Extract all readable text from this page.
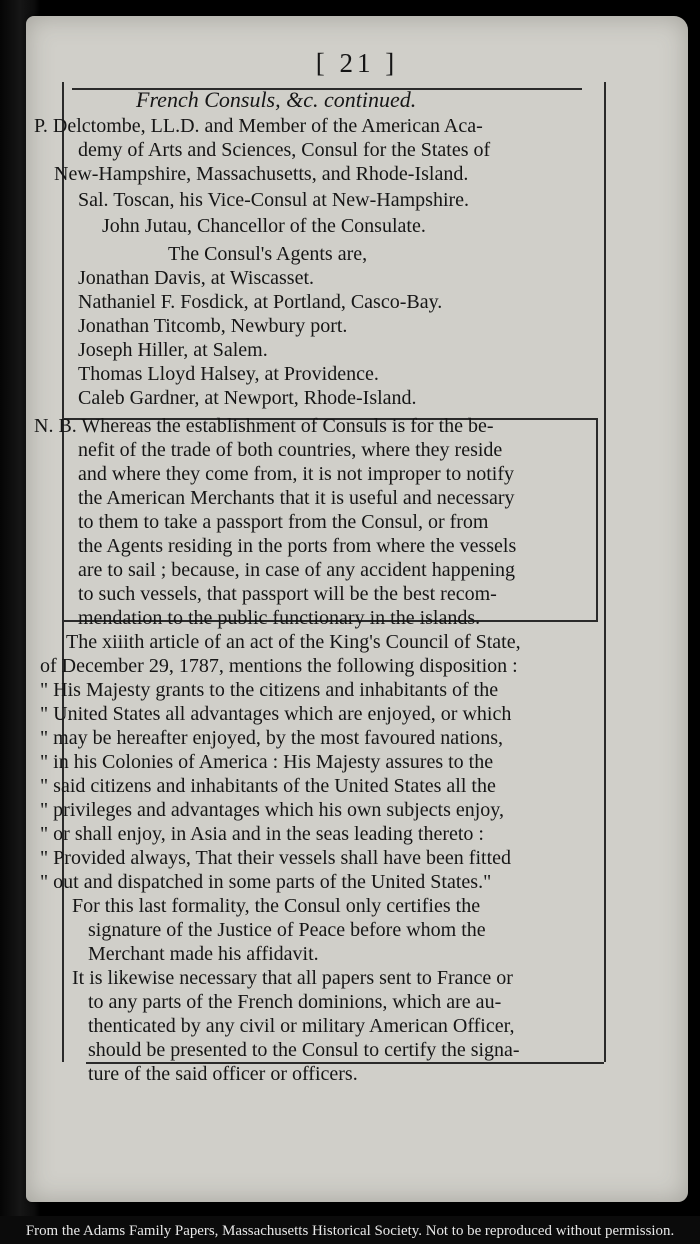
[ 21 ]
French Consuls, &c. continued.
P. Delctombe, LL.D. and Member of the American Aca-
demy of Arts and Sciences, Consul for the States of
New-Hampshire, Massachusetts, and Rhode-Island.
Sal. Toscan, his Vice-Consul at New-Hampshire.
John Jutau, Chancellor of the Consulate.
The Consul's Agents are,
Jonathan Davis, at Wiscasset.
Nathaniel F. Fosdick, at Portland, Casco-Bay.
Jonathan Titcomb, Newbury port.
Joseph Hiller, at Salem.
Thomas Lloyd Halsey, at Providence.
Caleb Gardner, at Newport, Rhode-Island.
N. B. Whereas the establishment of Consuls is for the be-
nefit of the trade of both countries, where they reside
and where they come from, it is not improper to notify
the American Merchants that it is useful and necessary
to them to take a passport from the Consul, or from
the Agents residing in the ports from where the vessels
are to sail ; because, in case of any accident happening
to such vessels, that passport will be the best recom-
mendation to the public functionary in the islands.
The xiiith article of an act of the King's Council of State,
of December 29, 1787, mentions the following disposition :
" His Majesty grants to the citizens and inhabitants of the
" United States all advantages which are enjoyed, or which
" may be hereafter enjoyed, by the most favoured nations,
" in his Colonies of America : His Majesty assures to the
" said citizens and inhabitants of the United States all the
" privileges and advantages which his own subjects enjoy,
" or shall enjoy, in Asia and in the seas leading thereto :
" Provided always, That their vessels shall have been fitted
" out and dispatched in some parts of the United States."
For this last formality, the Consul only certifies the
signature of the Justice of Peace before whom the
Merchant made his affidavit.
It is likewise necessary that all papers sent to France or
to any parts of the French dominions, which are au-
thenticated by any civil or military American Officer,
should be presented to the Consul to certify the signa-
ture of the said officer or officers.
From the Adams Family Papers, Massachusetts Historical Society. Not to be reproduced without permission.
